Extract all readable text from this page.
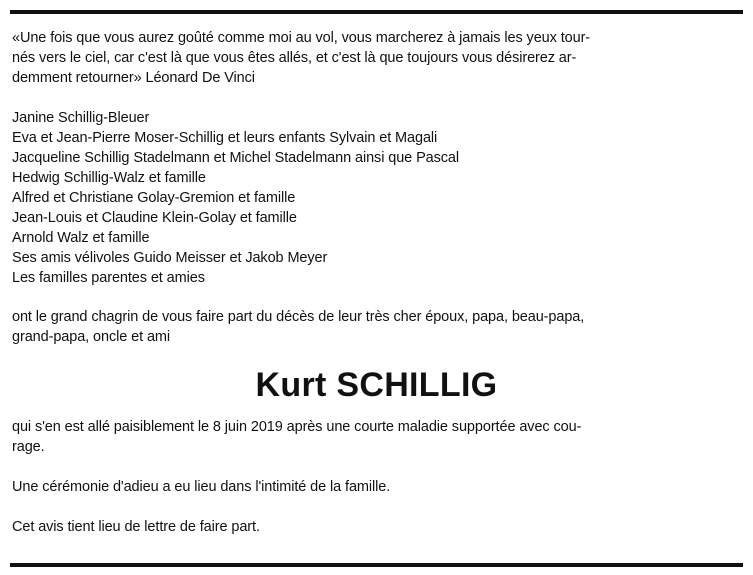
«Une fois que vous aurez goûté comme moi au vol, vous marcherez à jamais les yeux tour-
nés vers le ciel, car c'est là que vous êtes allés, et c'est là que toujours vous désirerez ar-
demment retourner» Léonard De Vinci
Janine Schillig-Bleuer
Eva et Jean-Pierre Moser-Schillig et leurs enfants Sylvain et Magali
Jacqueline Schillig Stadelmann et Michel Stadelmann ainsi que Pascal
Hedwig Schillig-Walz et famille
Alfred et Christiane Golay-Gremion et famille
Jean-Louis et Claudine Klein-Golay et famille
Arnold Walz et famille
Ses amis vélivoles Guido Meisser et Jakob Meyer
Les familles parentes et amies
ont le grand chagrin de vous faire part du décès de leur très cher époux, papa, beau-papa,
grand-papa, oncle et ami
Kurt SCHILLIG
qui s'en est allé paisiblement le 8 juin 2019 après une courte maladie supportée avec cou-
rage.
Une cérémonie d'adieu a eu lieu dans l'intimité de la famille.
Cet avis tient lieu de lettre de faire part.
